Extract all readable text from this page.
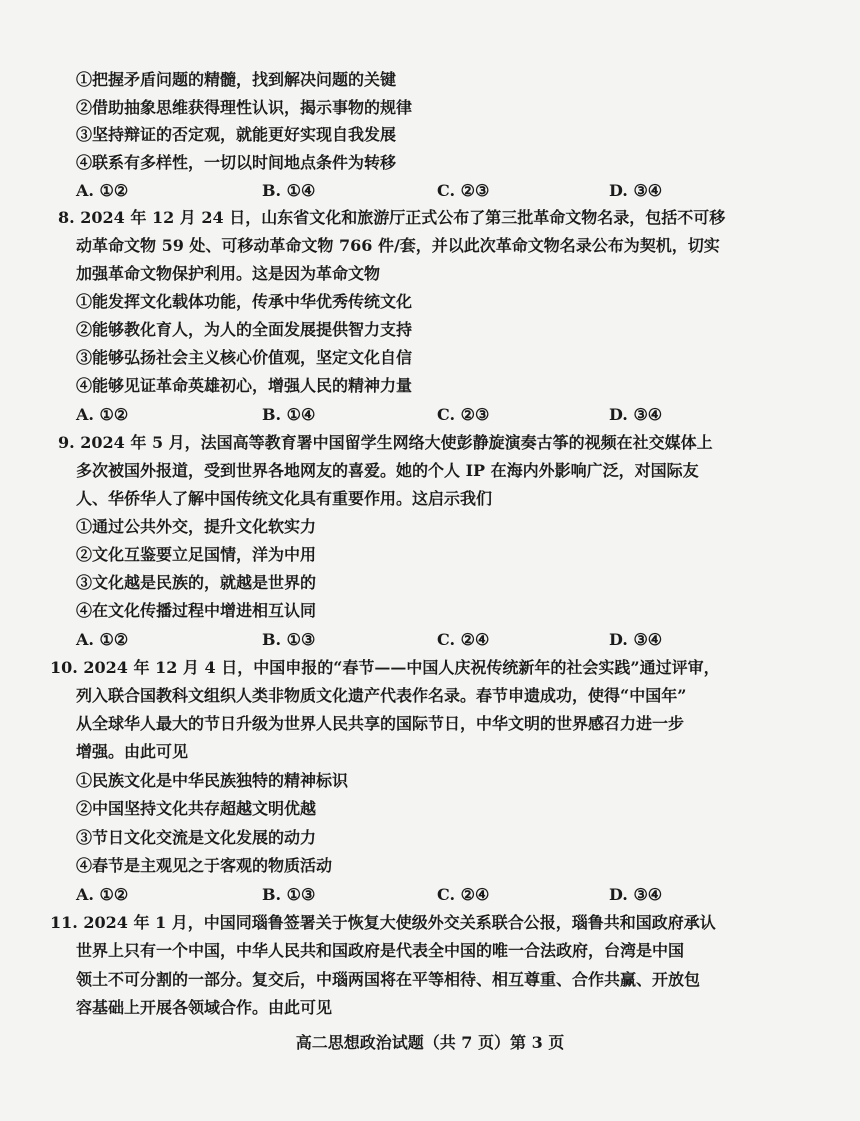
①把握矛盾问题的精髓，找到解决问题的关键

②借助抽象思维获得理性认识，揭示事物的规律

③坚持辩证的否定观，就能更好实现自我发展

④联系有多样性，一切以时间地点条件为转移

A. ①②	B. ①④	C. ②③	D. ③④

8. 2024 年 12 月 24 日，山东省文化和旅游厅正式公布了第三批革命文物名录，包括不可移

动革命文物 59 处、可移动革命文物 766 件/套，并以此次革命文物名录公布为契机，切实

加强革命文物保护利用。这是因为革命文物

①能发挥文化载体功能，传承中华优秀传统文化

②能够教化育人，为人的全面发展提供智力支持

③能够弘扬社会主义核心价值观，坚定文化自信

④能够见证革命英雄初心，增强人民的精神力量

A. ①②	B. ①④	C. ②③	D. ③④

9. 2024 年 5 月，法国高等教育署中国留学生网络大使彭静旋演奏古筝的视频在社交媒体上

多次被国外报道，受到世界各地网友的喜爱。她的个人 IP 在海内外影响广泛，对国际友

人、华侨华人了解中国传统文化具有重要作用。这启示我们

①通过公共外交，提升文化软实力

②文化互鉴要立足国情，洋为中用

③文化越是民族的，就越是世界的

④在文化传播过程中增进相互认同

A. ①②	B. ①③	C. ②④	D. ③④

10. 2024 年 12 月 4 日，中国申报的“春节——中国人庆祝传统新年的社会实践”通过评审，

列入联合国教科文组织人类非物质文化遗产代表作名录。春节申遗成功，使得“中国年”

从全球华人最大的节日升级为世界人民共享的国际节日，中华文明的世界感召力进一步

增强。由此可见

①民族文化是中华民族独特的精神标识

②中国坚持文化共存超越文明优越

③节日文化交流是文化发展的动力

④春节是主观见之于客观的物质活动

A. ①②	B. ①③	C. ②④	D. ③④

11. 2024 年 1 月，中国同瑙鲁签署关于恢复大使级外交关系联合公报，瑙鲁共和国政府承认

世界上只有一个中国，中华人民共和国政府是代表全中国的唯一合法政府，台湾是中国

领土不可分割的一部分。复交后，中瑙两国将在平等相待、相互尊重、合作共赢、开放包

容基础上开展各领域合作。由此可见

高二思想政治试题（共 7 页）第 3 页
